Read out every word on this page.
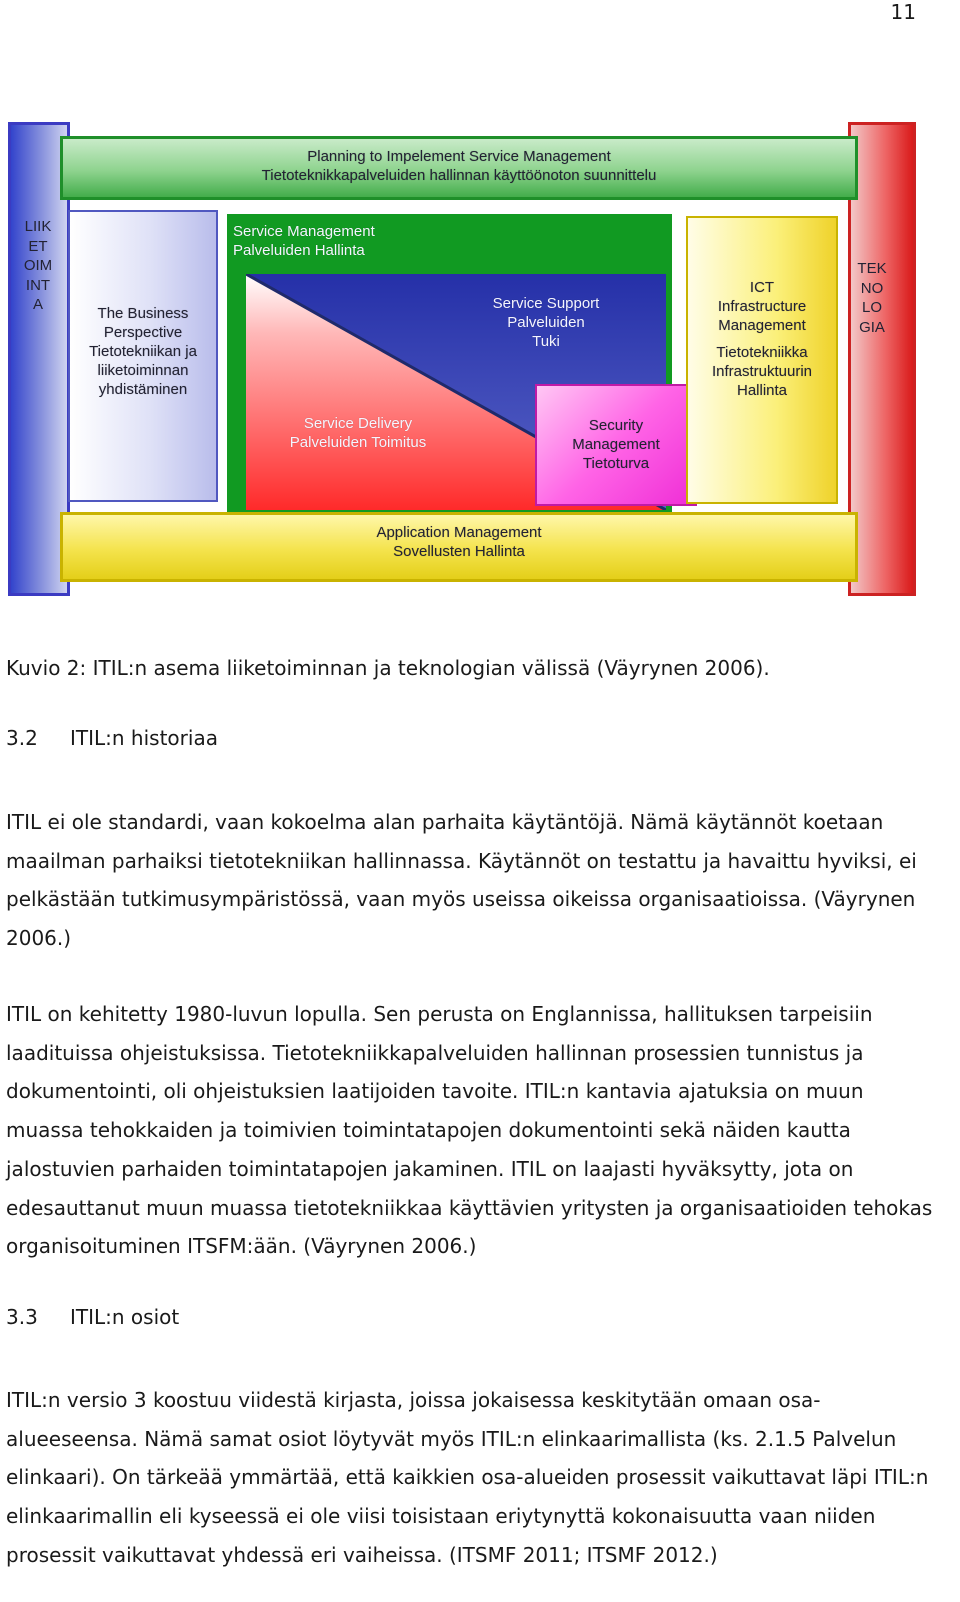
11
LIIKETOIMINTA
TEKNOLOGIA
Planning to Impelement Service Management
Tietoteknikkapalveluiden hallinnan käyttöönoton suunnittelu
The Business
Perspective
Tietotekniikan ja
liiketoiminnan
yhdistäminen
Service Management
Palveluiden Hallinta
Service Support
Palveluiden
Tuki
Service Delivery
Palveluiden Toimitus
Security
Management
Tietoturva
ICT
Infrastructure
Management
Tietotekniikka
Infrastruktuurin
Hallinta
Application Management
Sovellusten Hallinta
Kuvio 2: ITIL:n asema liiketoiminnan ja teknologian välissä (Väyrynen 2006).
3.2 ITIL:n historiaa
ITIL ei ole standardi, vaan kokoelma alan parhaita käytäntöjä. Nämä käytännöt koetaan maailman parhaiksi tietotekniikan hallinnassa. Käytännöt on testattu ja havaittu hyviksi, ei pelkästään tutkimusympäristössä, vaan myös useissa oikeissa organisaatioissa. (Väyrynen 2006.)
ITIL on kehitetty 1980-luvun lopulla. Sen perusta on Englannissa, hallituksen tarpeisiin laadituissa ohjeistuksissa. Tietotekniikkapalveluiden hallinnan prosessien tunnistus ja dokumentointi, oli ohjeistuksien laatijoiden tavoite. ITIL:n kantavia ajatuksia on muun muassa tehokkaiden ja toimivien toimintatapojen dokumentointi sekä näiden kautta jalostuvien parhaiden toimintatapojen jakaminen. ITIL on laajasti hyväksytty, jota on edesauttanut muun muassa tietotekniikkaa käyttävien yritysten ja organisaatioiden tehokas organisoituminen ITSFM:ään. (Väyrynen 2006.)
3.3 ITIL:n osiot
ITIL:n versio 3 koostuu viidestä kirjasta, joissa jokaisessa keskitytään omaan osa-alueeseensa. Nämä samat osiot löytyvät myös ITIL:n elinkaarimallista (ks. 2.1.5 Palvelun elinkaari). On tärkeää ymmärtää, että kaikkien osa-alueiden prosessit vaikuttavat läpi ITIL:n elinkaarimallin eli kyseessä ei ole viisi toisistaan eriytynyttä kokonaisuutta vaan niiden prosessit vaikuttavat yhdessä eri vaiheissa. (ITSMF 2011; ITSMF 2012.)
